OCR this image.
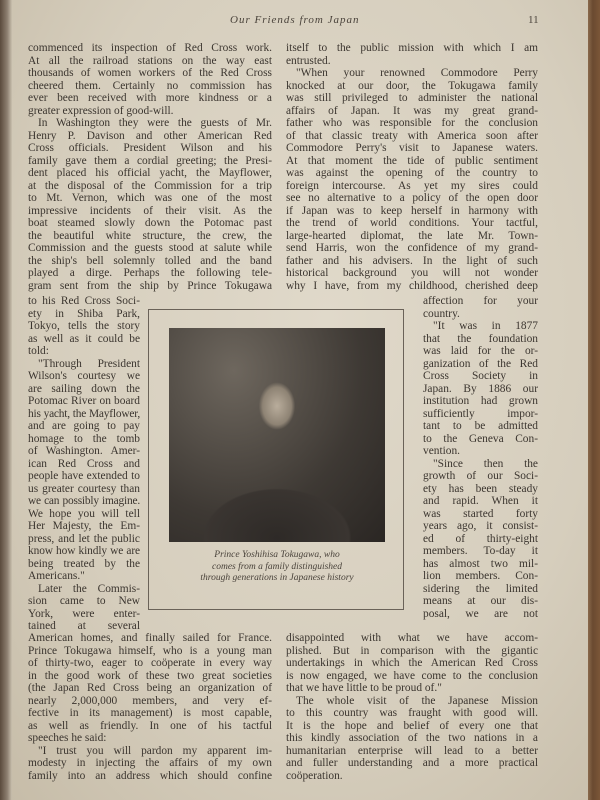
Our Friends from Japan	11
commenced its inspection of Red Cross work.
At all the railroad stations on the way east
thousands of women workers of the Red Cross
cheered them. Certainly no commission has
ever been received with more kindness or a
greater expression of good-will.
In Washington they were the guests of Mr.
Henry P. Davison and other American Red
Cross officials. President Wilson and his
family gave them a cordial greeting; the Presi-
dent placed his official yacht, the Mayflower,
at the disposal of the Commission for a trip
to Mt. Vernon, which was one of the most
impressive incidents of their visit. As the
boat steamed slowly down the Potomac past
the beautiful white structure, the crew, the
Commission and the guests stood at salute while
the ship's bell solemnly tolled and the band
played a dirge. Perhaps the following tele-
gram sent from the ship by Prince Tokugawa
to his Red Cross Soci-
ety in Shiba Park,
Tokyo, tells the story
as well as it could be
told:
"Through President
Wilson's courtesy we
are sailing down the
Potomac River on board
his yacht, the Mayflower,
and are going to pay
homage to the tomb
of Washington. Amer-
ican Red Cross and
people have extended to
us greater courtesy than
we can possibly imagine.
We hope you will tell
Her Majesty, the Em-
press, and let the public
know how kindly we are
being treated by the
Americans."
Later the Commis-
sion came to New
York, were enter-
tained at several
American homes, and finally sailed for France.
Prince Tokugawa himself, who is a young man
of thirty-two, eager to coöperate in every way
in the good work of these two great societies
(the Japan Red Cross being an organization of
nearly 2,000,000 members, and very ef-
fective in its management) is most capable,
as well as friendly. In one of his tactful
speeches he said:
"I trust you will pardon my apparent im-
modesty in injecting the affairs of my own
family into an address which should confine
itself to the public mission with which I am
entrusted.
"When your renowned Commodore Perry
knocked at our door, the Tokugawa family
was still privileged to administer the national
affairs of Japan. It was my great grand-
father who was responsible for the conclusion
of that classic treaty with America soon after
Commodore Perry's visit to Japanese waters.
At that moment the tide of public sentiment
was against the opening of the country to
foreign intercourse. As yet my sires could
see no alternative to a policy of the open door
if Japan was to keep herself in harmony with
the trend of world conditions. Your tactful,
large-hearted diplomat, the late Mr. Town-
send Harris, won the confidence of my grand-
father and his advisers. In the light of such
historical background you will not wonder
why I have, from my childhood, cherished deep
affection for your
country.
"It was in 1877
that the foundation
was laid for the or-
ganization of the Red
Cross Society in
Japan. By 1886 our
institution had grown
sufficiently impor-
tant to be admitted
to the Geneva Con-
vention.
"Since then the
growth of our Soci-
ety has been steady
and rapid. When it
was started forty
years ago, it consist-
ed of thirty-eight
members. To-day it
has almost two mil-
lion members. Con-
sidering the limited
means at our dis-
posal, we are not
disappointed with what we have accom-
plished. But in comparison with the gigantic
undertakings in which the American Red Cross
is now engaged, we have come to the conclusion
that we have little to be proud of."
The whole visit of the Japanese Mission
to this country was fraught with good will.
It is the hope and belief of every one that
this kindly association of the two nations in a
humanitarian enterprise will lead to a better
and fuller understanding and a more practical
coöperation.
Prince Yoshihisa Tokugawa, who
comes from a family distinguished
through generations in Japanese history
